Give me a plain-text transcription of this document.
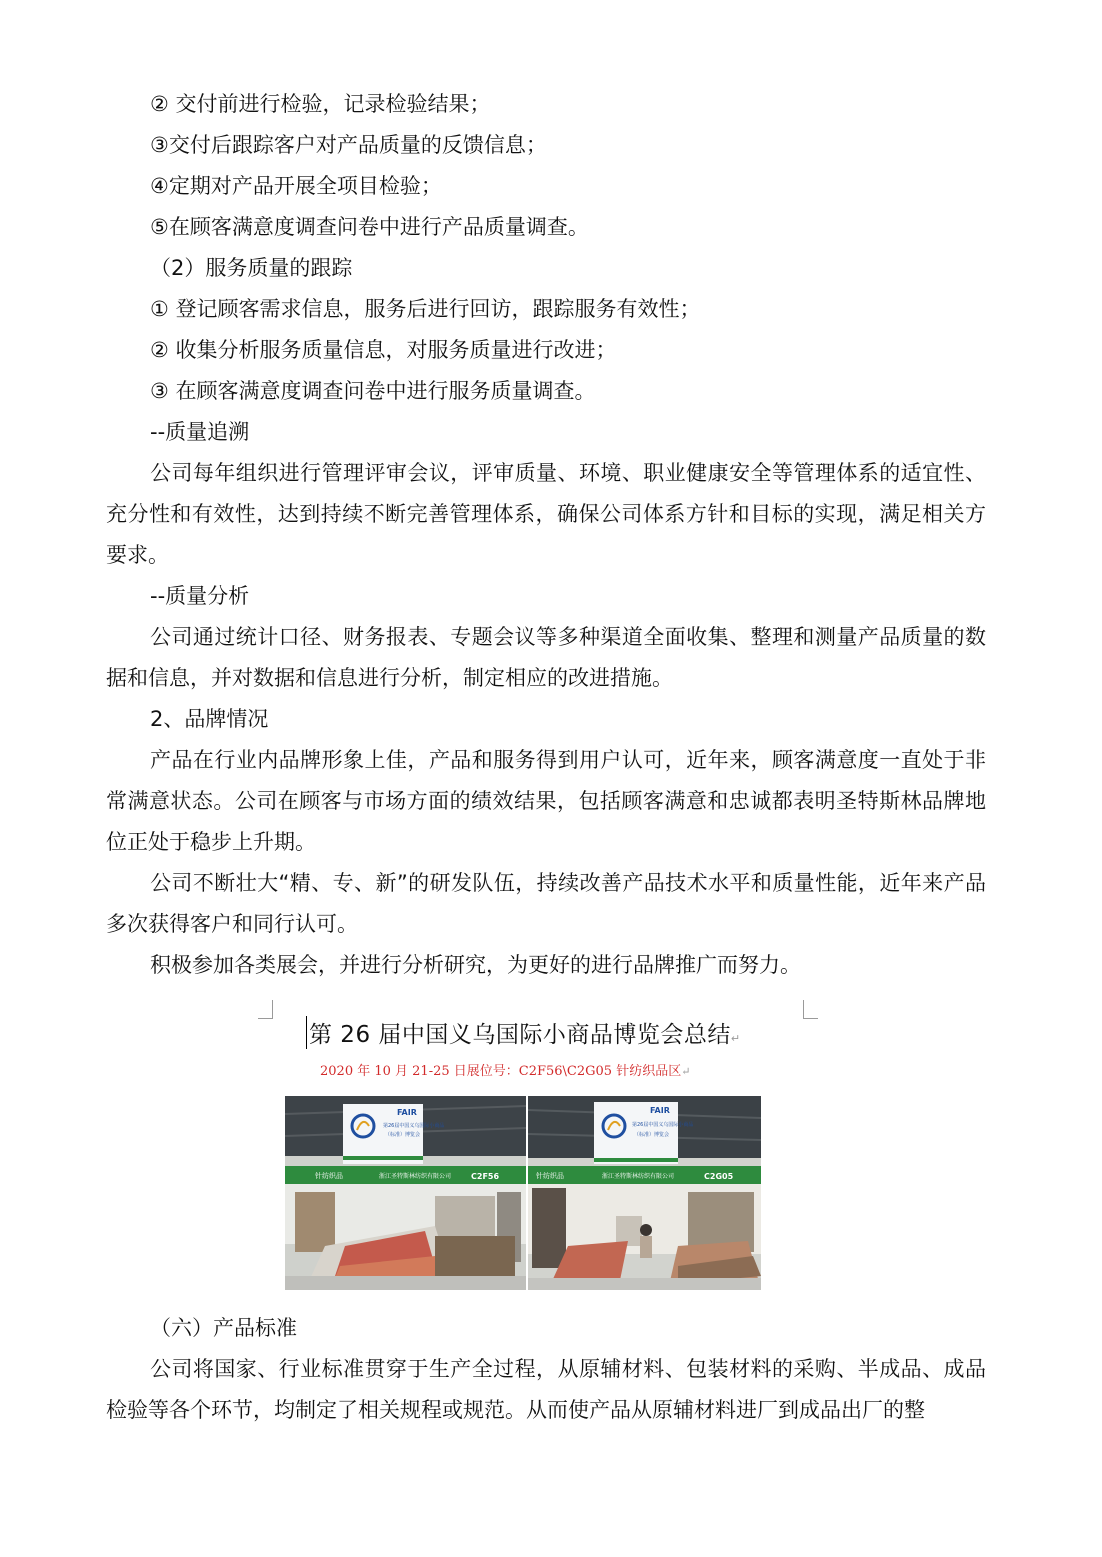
② 交付前进行检验，记录检验结果；

③交付后跟踪客户对产品质量的反馈信息；

④定期对产品开展全项目检验；

⑤在顾客满意度调查问卷中进行产品质量调查。

（2）服务质量的跟踪

① 登记顾客需求信息，服务后进行回访，跟踪服务有效性；

② 收集分析服务质量信息，对服务质量进行改进；

③ 在顾客满意度调查问卷中进行服务质量调查。

--质量追溯

公司每年组织进行管理评审会议，评审质量、环境、职业健康安全等管理体系的适宜性、充分性和有效性，达到持续不断完善管理体系，确保公司体系方针和目标的实现，满足相关方要求。

--质量分析

公司通过统计口径、财务报表、专题会议等多种渠道全面收集、整理和测量产品质量的数据和信息，并对数据和信息进行分析，制定相应的改进措施。

2、品牌情况

产品在行业内品牌形象上佳，产品和服务得到用户认可，近年来，顾客满意度一直处于非常满意状态。公司在顾客与市场方面的绩效结果，包括顾客满意和忠诚都表明圣特斯林品牌地位正处于稳步上升期。

公司不断壮大“精、专、新”的研发队伍，持续改善产品技术水平和质量性能，近年来产品多次获得客户和同行认可。

积极参加各类展会，并进行分析研究，为更好的进行品牌推广而努力。

第 26 届中国义乌国际小商品博览会总结↵
2020 年 10 月 21-25 日展位号：C2F56\C2G05 针纺织品区↵
FAIR
第26届中国义乌国际小商品
（标准）博览会
针纺织品	浙江圣特斯林纺织有限公司 C2F56
FAIR
第26届中国义乌国际小商品
（标准）博览会
针纺织品	浙江圣特斯林纺织有限公司	C2G05

（六）产品标准

公司将国家、行业标准贯穿于生产全过程，从原辅材料、包装材料的采购、半成品、成品检验等各个环节，均制定了相关规程或规范。从而使产品从原辅材料进厂到成品出厂的整
